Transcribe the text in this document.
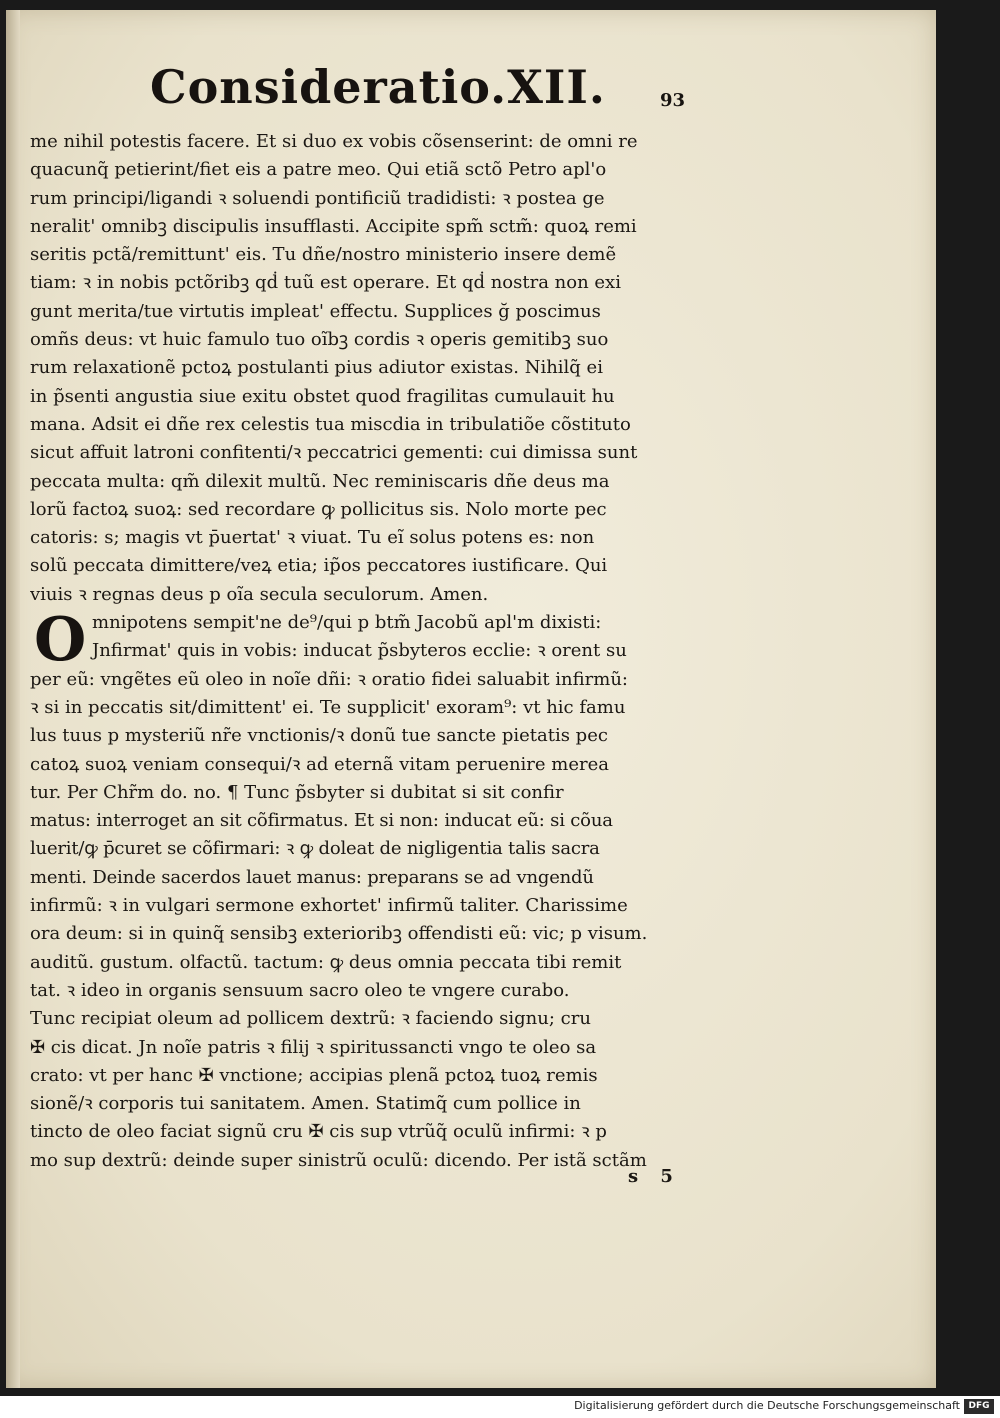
Consideratio.XII.	93
O
me nihil potestis facere. Et si duo ex vobis cõsenserint: de omni re
quacunq̃ petierint/fiet eis a patre meo. Qui etiã sctõ Petro apl'o
rum principi/ligandi ꝛ soluendi pontificiũ tradidisti: ꝛ postea ge
neralit' omnibꝫ discipulis insufflasti. Accipite spm̃ sctm̃: quoꝝ remi
seritis pctã/remittunt' eis. Tu dñe/nostro ministerio insere demẽ
tiam: ꝛ in nobis pctõribꝫ qḋ tuũ est operare. Et qḋ nostra non exi
gunt merita/tue virtutis impleat' effectu. Supplices ğ poscimus
omñs deus: vt huic famulo tuo oĩbꝫ cordis ꝛ operis gemitibꝫ suo
rum relaxationẽ pctoꝝ postulanti pius adiutor existas. Nihilq̃ ei
in p̃senti angustia siue exitu obstet quod fragilitas cumulauit hu
mana. Adsit ei dñe rex celestis tua miscdia in tribulatiõe cõstituto
sicut affuit latroni confitenti/ꝛ peccatrici gementi: cui dimissa sunt
peccata multa: qm̃ dilexit multũ. Nec reminiscaris dñe deus ma
lorũ factoꝝ suoꝝ: sed recordare ꝙ pollicitus sis. Nolo morte pec
catoris: s; magis vt p̄uertat' ꝛ viuat. Tu eĩ solus potens es: non
solũ peccata dimittere/veꝝ etia; ip̃os peccatores iustificare. Qui
viuis ꝛ regnas deus p oĩa secula seculorum. Amen.
mnipotens sempit'ne de⁹/qui p btm̃ Jacobũ apl'm dixisti:
Jnfirmat' quis in vobis: inducat p̃sbyteros ecclie: ꝛ orent su
per eũ: vngẽtes eũ oleo in noĩe dñi: ꝛ oratio fidei saluabit infirmũ:
ꝛ si in peccatis sit/dimittent' ei. Te supplicit' exoram⁹: vt hic famu
lus tuus p mysteriũ nr̃e vnctionis/ꝛ donũ tue sancte pietatis pec
catoꝝ suoꝝ veniam consequi/ꝛ ad eternã vitam peruenire merea
tur. Per Chr̃m do. no. ¶ Tunc p̃sbyter si dubitat si sit confir
matus: interroget an sit cõfirmatus. Et si non: inducat eũ: si cõua
luerit/ꝙ p̄curet se cõfirmari: ꝛ ꝙ doleat de nigligentia talis sacra
menti. Deinde sacerdos lauet manus: preparans se ad vngendũ
infirmũ: ꝛ in vulgari sermone exhortet' infirmũ taliter. Charissime
ora deum: si in quinq̃ sensibꝫ exterioribꝫ offendisti eũ: vic; p visum.
auditũ. gustum. olfactũ. tactum: ꝙ deus omnia peccata tibi remit
tat. ꝛ ideo in organis sensuum sacro oleo te vngere curabo.
Tunc recipiat oleum ad pollicem dextrũ: ꝛ faciendo signu; cru
✠ cis dicat. Jn noĩe patris ꝛ filij ꝛ spiritussancti vngo te oleo sa
crato: vt per hanc ✠ vnctione; accipias plenã pctoꝝ tuoꝝ remis
sionẽ/ꝛ corporis tui sanitatem. Amen. Statimq̃ cum pollice in
tincto de oleo faciat signũ cru ✠ cis sup vtrũq̃ oculũ infirmi: ꝛ p
mo sup dextrũ: deinde super sinistrũ oculũ: dicendo. Per istã sctãm
s 5
Digitalisierung gefördert durch die Deutsche Forschungsgemeinschaft DFG
